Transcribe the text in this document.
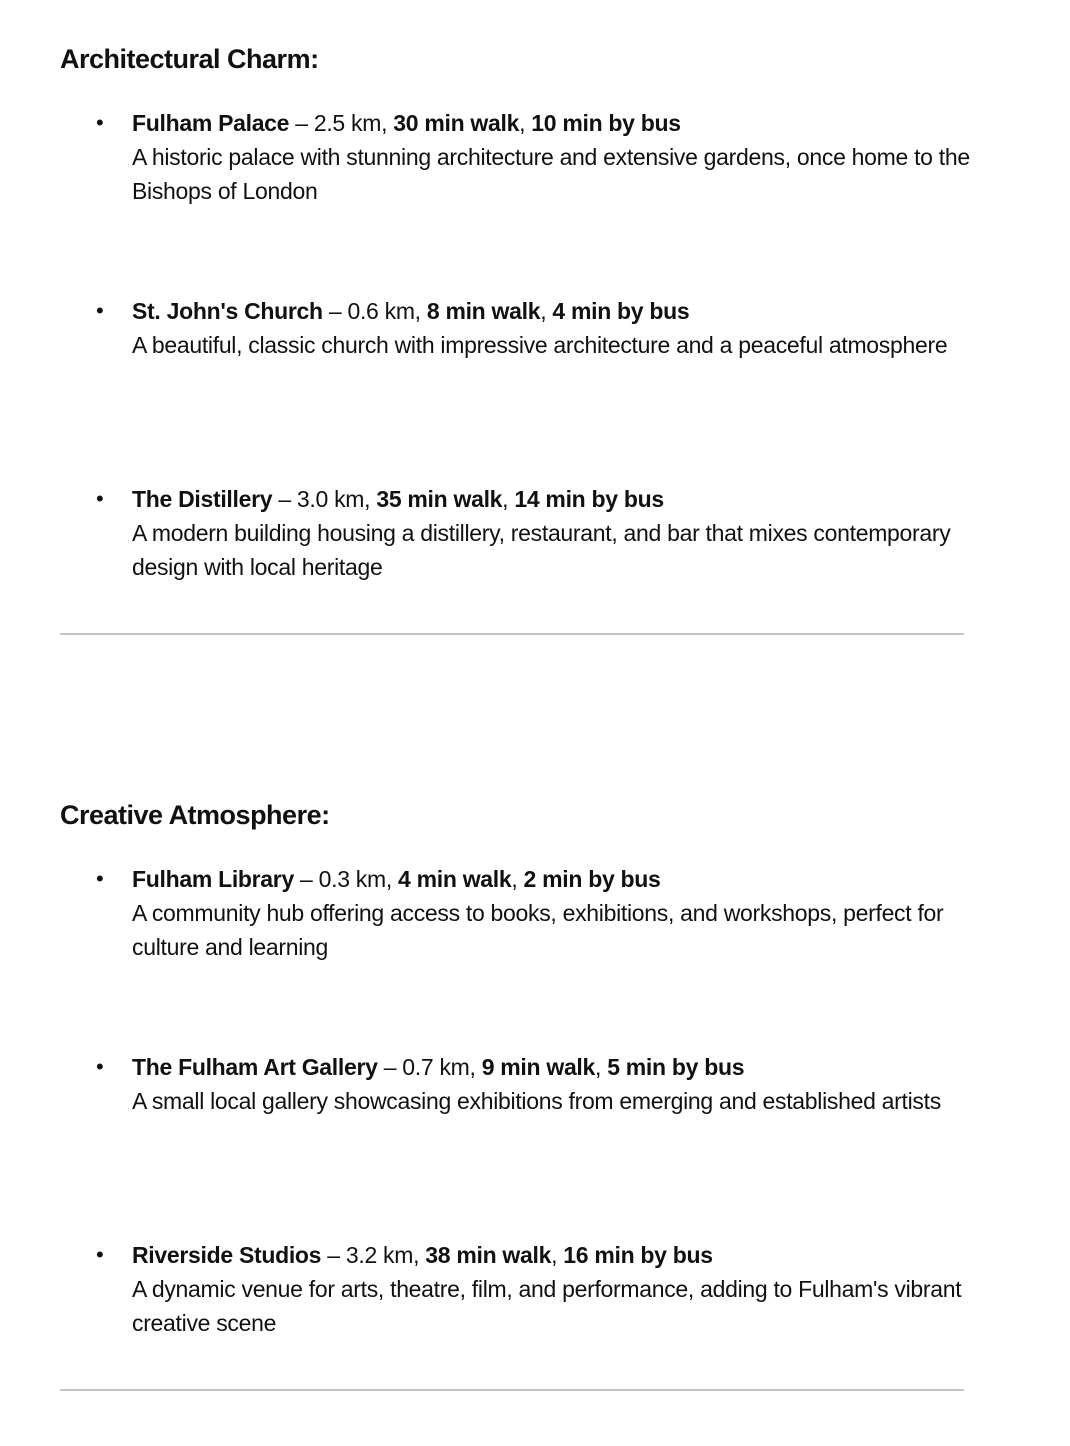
Architectural Charm:
• Fulham Palace – 2.5 km, 30 min walk, 10 min by bus
A historic palace with stunning architecture and extensive gardens, once home to the Bishops of London
• St. John's Church – 0.6 km, 8 min walk, 4 min by bus
A beautiful, classic church with impressive architecture and a peaceful atmosphere
• The Distillery – 3.0 km, 35 min walk, 14 min by bus
A modern building housing a distillery, restaurant, and bar that mixes contemporary design with local heritage
Creative Atmosphere:
• Fulham Library – 0.3 km, 4 min walk, 2 min by bus
A community hub offering access to books, exhibitions, and workshops, perfect for culture and learning
• The Fulham Art Gallery – 0.7 km, 9 min walk, 5 min by bus
A small local gallery showcasing exhibitions from emerging and established artists
• Riverside Studios – 3.2 km, 38 min walk, 16 min by bus
A dynamic venue for arts, theatre, film, and performance, adding to Fulham's vibrant creative scene
